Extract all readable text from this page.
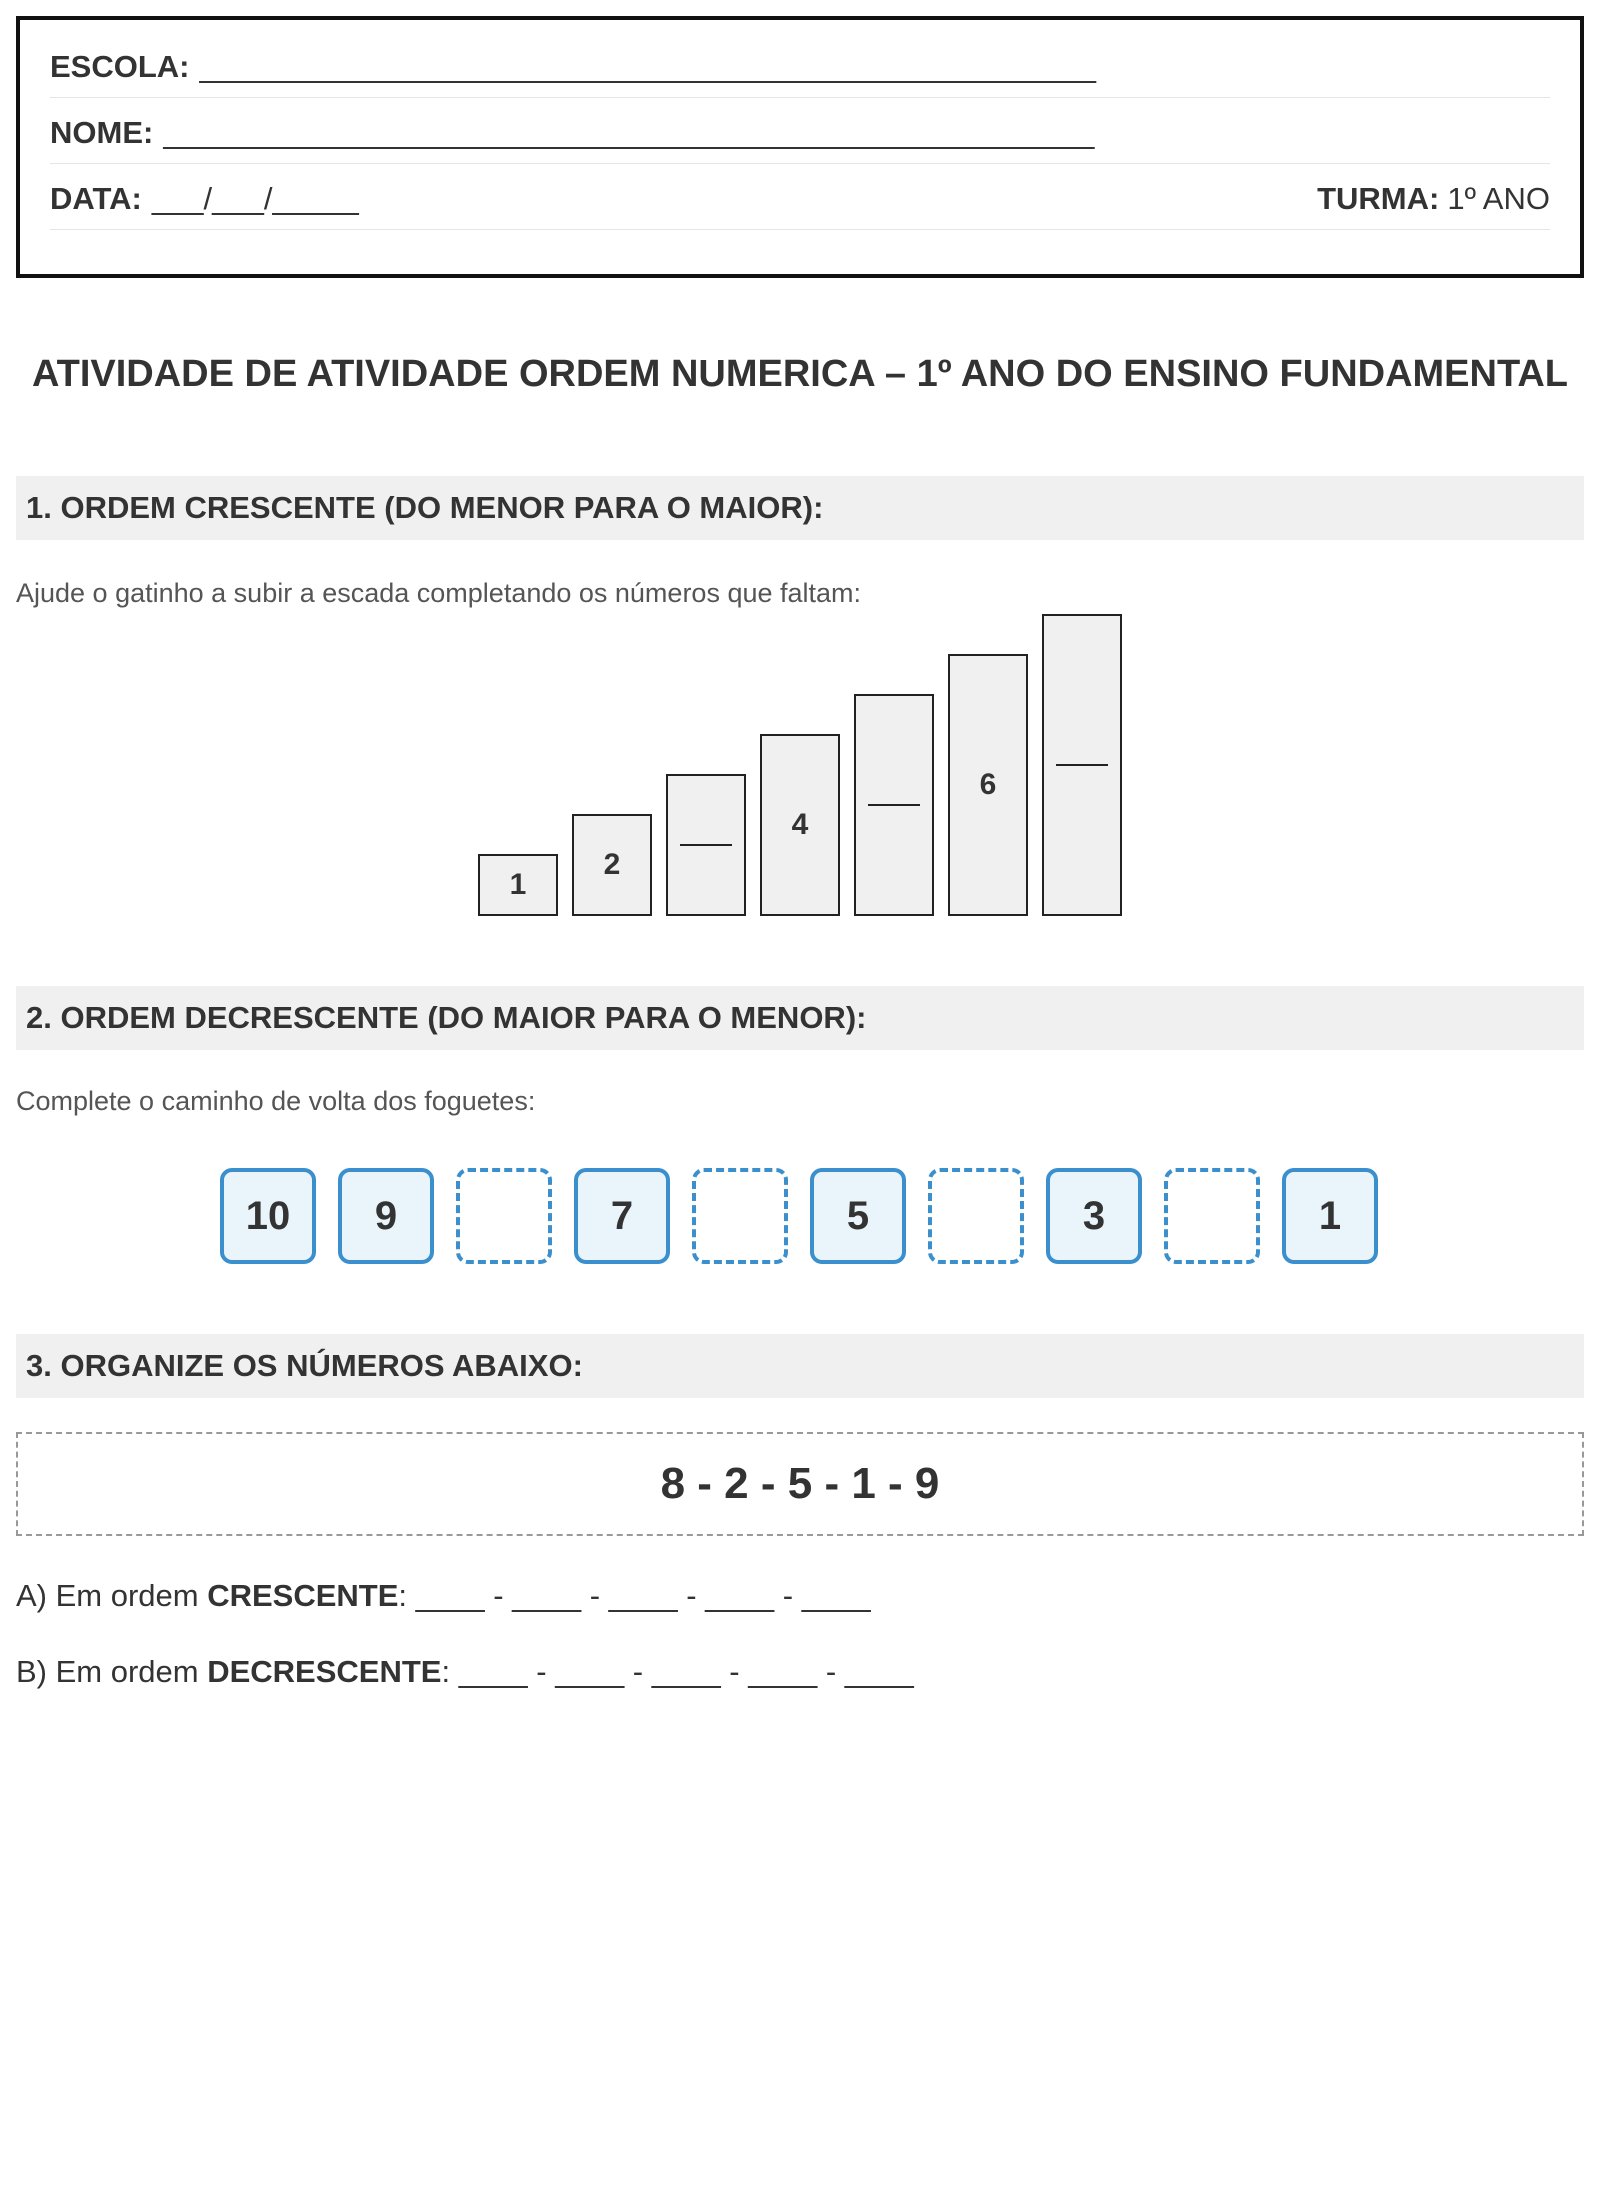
ESCOLA: ____________________________________________________
NOME: ______________________________________________________
DATA: ___/___/_____	TURMA: 1º ANO
ATIVIDADE DE ATIVIDADE ORDEM NUMERICA – 1º ANO DO ENSINO FUNDAMENTAL
1. ORDEM CRESCENTE (DO MENOR PARA O MAIOR):
Ajude o gatinho a subir a escada completando os números que faltam:
1
2
4
6
2. ORDEM DECRESCENTE (DO MAIOR PARA O MENOR):
Complete o caminho de volta dos foguetes:
10	9	7	5	3	1
3. ORGANIZE OS NÚMEROS ABAIXO:
8 - 2 - 5 - 1 - 9
A) Em ordem CRESCENTE: ____ - ____ - ____ - ____ - ____
B) Em ordem DECRESCENTE: ____ - ____ - ____ - ____ - ____
